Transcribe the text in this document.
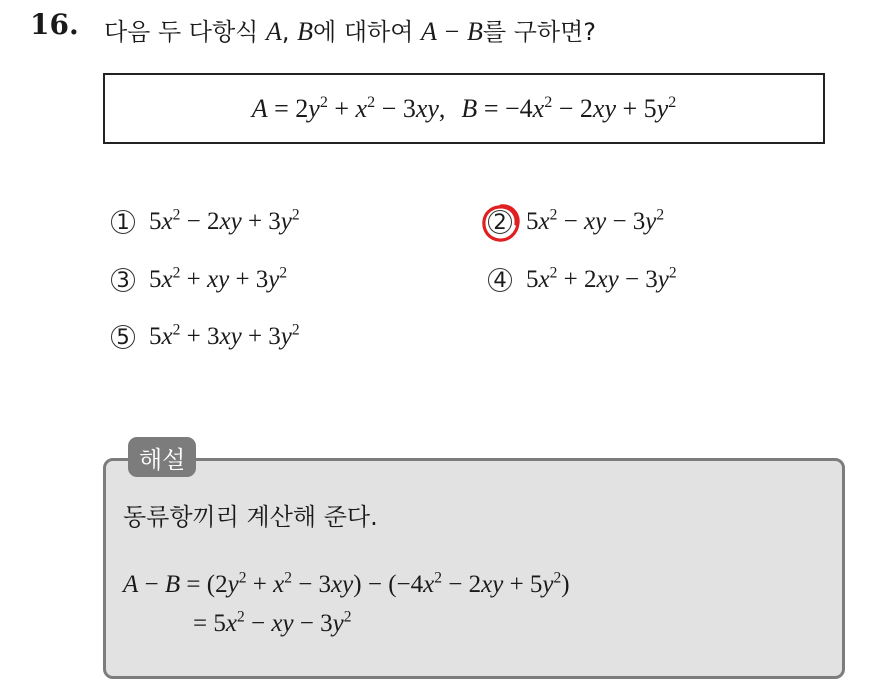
16. 다음 두 다항식 A, B에 대하여 A − B를 구하면?
$A = 2y^2 + x^2 - 3xy$, $B = -4x^2 - 2xy + 5y^2$
1 $5x^2 - 2xy + 3y^2$	2 $5x^2$ − xy − $3y^2$
3 $5x^2$ + xy + $3y^2$	4 $5x^2 + 2xy - 3y^2$
5 $5x^2 + 3xy + 3y^2$
해설
동류항끼리 계산해 준다.
$A - B = (2y^2 + x^2 - 3xy) - (-4x^2 - 2xy + 5y^2)$
= $5x^2$ − xy − $3y^2$
